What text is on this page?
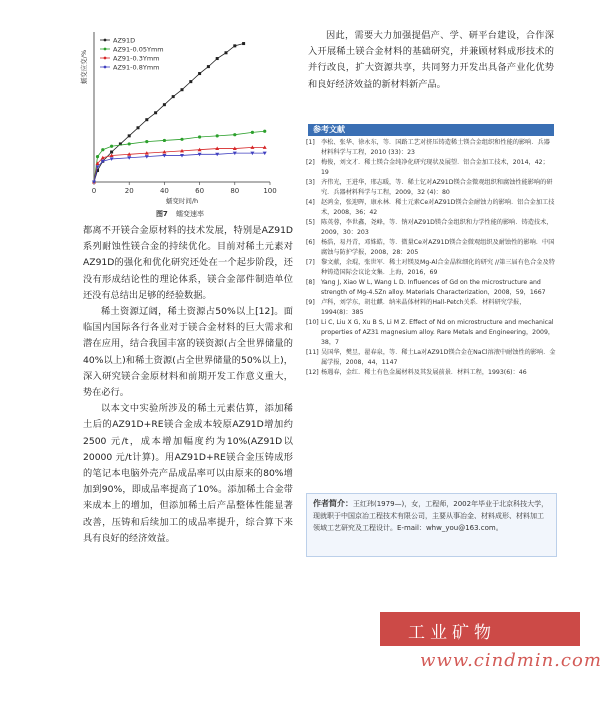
0	20	40	60	80	100
蠕变时间/h
蠕变应变/%
AZ91D
AZ91-0.05Ymm
AZ91-0.3Ymm
AZ91-0.8Ymm
图7 蠕变速率

都离不开镁合金原材料的技术发展，特别是AZ91D系列耐蚀性镁合金的持续优化。目前对稀土元素对AZ91D的强化和优化研究还处在一个起步阶段，还没有形成结论性的理论体系，镁合金部件制造单位还没有总结出足够的经验数据。

稀土资源辽阔，稀土资源占50%以上[12]。面临国内国际各行各业对于镁合金材料的巨大需求和潜在应用，结合我国丰富的镁资源(占全世界储量的40%以上)和稀土资源(占全世界储量的50%以上)，深入研究镁合金原材料和前期开发工作意义重大，势在必行。

以本文中实验所涉及的稀土元素估算，添加稀土后的AZ91D+RE镁合金成本较原AZ91D增加约2500 元/t，成本增加幅度约为10%(AZ91D以20000 元/t计算)。用AZ91D+RE镁合金压铸成形的笔记本电脑外壳产品成品率可以由原来的80%增加到90%，即成品率提高了10%。添加稀土合金带来成本上的增加，但添加稀土后产品整体性能显著改善，压铸和后续加工的成品率提升，综合算下来具有良好的经济效益。

因此，需要大力加强提倡产、学、研平台建设，合作深入开展稀土镁合金材料的基础研究，并兼顾材料成形技术的并行改良，扩大资源共享，共同努力开发出具备产业化优势和良好经济效益的新材料新产品。

参考文献
[1]	李松、张华、徐永东，等．国路工艺对挤压铸造稀土镁合金组织和性能的影响．兵器材料科学与工程，2010 (33)：23
[2]	梅俊，刘文才．稀土镁合金纯净化研究现状及展望．铝合金加工技术，2014，42；19
[3]	齐伟光，王进华，邢志暖，等．稀土钇对AZ91D镁合金微观组织和腐蚀性能影响的研究．兵器材料科学与工程，2009，32 (4)：80
[4]	赵鸿金，张迎晖，康永林．稀土元素Ce对AZ91D镁合金耐蚀力的影响．铝合金加工技术，2008，36；42
[5]	陈英蓉，李世鑫，尧峰，等．钠对AZ91D镁合金组织和力学性能的影响．铸造技术，2009，30：203
[6]	杨浩，易丹青，邓姝皓，等．微量Ce对AZ91D镁合金微观组织及耐蚀性的影响．中国腐蚀与防护学报，2008，28：205
[7]	黎文献，余琨，张世军．稀土对镁及Mg-Al合金晶粒细化的研究 //第三届有色合金及特种铸造国际会议论文集．上海，2016，69
[8]	Yang J, Xiao W L, Wang L D. Influences of Gd on the microstructure and strength of Mg-4.5Zn alloy. Materials Characterization，2008，59，1667
[9]	卢科，刘学东，胡壮麒．纳米晶体材料的Hall-Petch关系．材料研究学报，1994(8)：385
[10] Li C, Liu X G, Xu B S, Li M Z. Effect of Nd on microstructure and mechanical properties of AZ31 magnesium alloy. Rare Metals and Engineering，2009，38，7
[11] 吴国华，樊昱，翟春泉，等．稀土La对AZ91D镁合金在NaCl溶液中耐蚀性的影响．金属学报，2008，44，1147
[12] 杨遇春，金红．稀土有色金属材料及其发展前景．材料工程，1993(6)：46
作者简介：王红玮(1979—)，女，工程师，2002年毕业于北京科技大学，现就职于中国京冶工程技术有限公司，主要从事冶金、材料成形、材料加工领域工艺研究及工程设计。E-mail：whw_you@163.com。
工业矿物
www.cindmin.com
